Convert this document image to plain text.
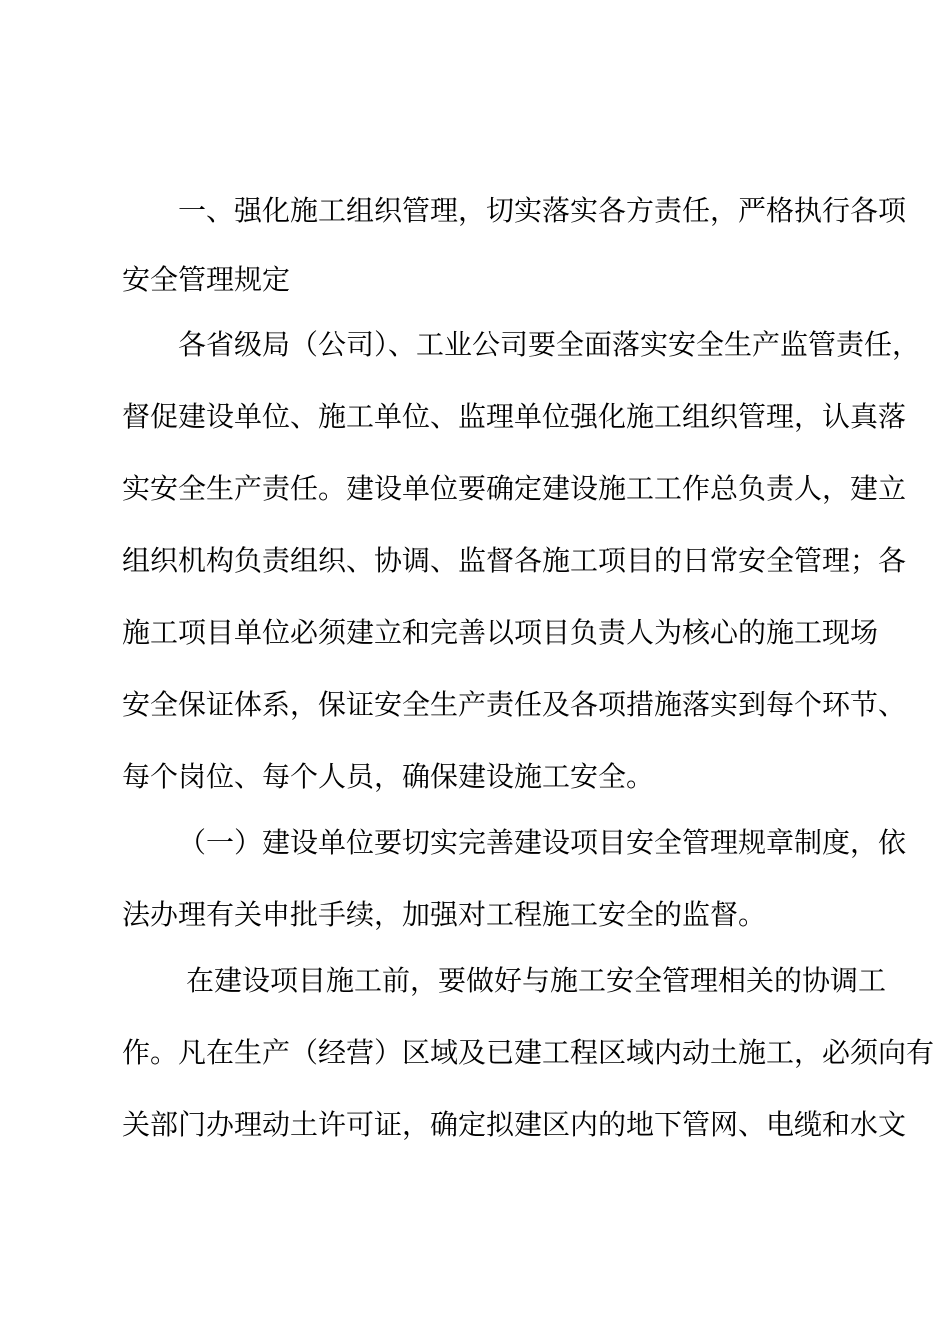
一、强化施工组织管理，切实落实各方责任，严格执行各项
安全管理规定
各省级局（公司）、工业公司要全面落实安全生产监管责任，
督促建设单位、施工单位、监理单位强化施工组织管理，认真落
实安全生产责任。建设单位要确定建设施工工作总负责人，建立
组织机构负责组织、协调、监督各施工项目的日常安全管理；各
施工项目单位必须建立和完善以项目负责人为核心的施工现场
安全保证体系，保证安全生产责任及各项措施落实到每个环节、
每个岗位、每个人员，确保建设施工安全。
（一）建设单位要切实完善建设项目安全管理规章制度，依
法办理有关申批手续，加强对工程施工安全的监督。
在建设项目施工前，要做好与施工安全管理相关的协调工
作。凡在生产（经营）区域及已建工程区域内动土施工，必须向有
关部门办理动土许可证，确定拟建区内的地下管网、电缆和水文
